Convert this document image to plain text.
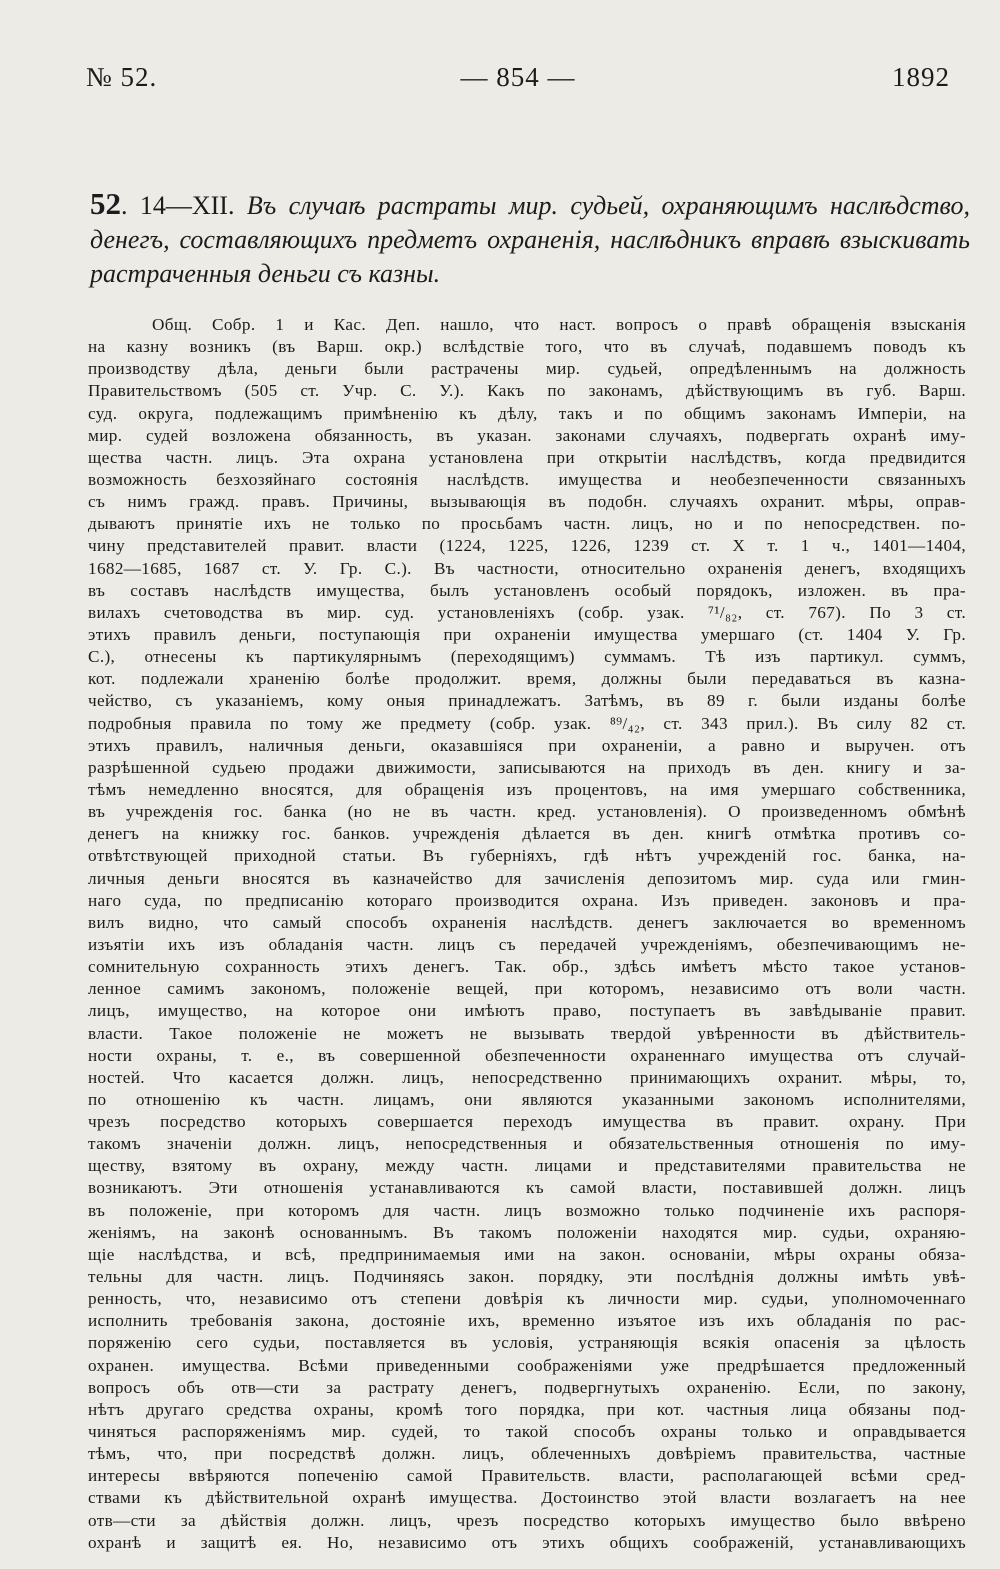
№ 52.	— 854 —	1892
52. 14—XII. Въ случаѣ растраты мир. судьей, охраняющимъ наслѣдство, денегъ, составляющихъ предметъ охраненія, наслѣдникъ вправѣ взыскивать растраченныя деньги съ казны.
Общ. Собр. 1 и Кас. Деп. нашло, что наст. вопросъ о правѣ обращенія взысканія
на казну возникъ (въ Варш. окр.) вслѣдствіе того, что въ случаѣ, подавшемъ поводъ къ
производству дѣла, деньги были растрачены мир. судьей, опредѣленнымъ на должность
Правительствомъ (505 ст. Учр. С. У.). Какъ по законамъ, дѣйствующимъ въ губ. Варш.
суд. округа, подлежащимъ примѣненію къ дѣлу, такъ и по общимъ законамъ Имперіи, на
мир. судей возложена обязанность, въ указан. законами случаяхъ, подвергать охранѣ иму-
щества частн. лицъ. Эта охрана установлена при открытіи наслѣдствъ, когда предвидится
возможность безхозяйнаго состоянія наслѣдств. имущества и необезпеченности связанныхъ
съ нимъ гражд. правъ. Причины, вызывающія въ подобн. случаяхъ охранит. мѣры, оправ-
дываютъ принятіе ихъ не только по просьбамъ частн. лицъ, но и по непосредствен. по-
чину представителей правит. власти (1224, 1225, 1226, 1239 ст. X т. 1 ч., 1401—1404,
1682—1685, 1687 ст. У. Гр. С.). Въ частности, относительно охраненія денегъ, входящихъ
въ составъ наслѣдств имущества, былъ установленъ особый порядокъ, изложен. въ пра-
вилахъ счетоводства въ мир. суд. установленіяхъ (собр. узак. ⁷¹/₈₂, ст. 767). По 3 ст.
этихъ правилъ деньги, поступающія при охраненіи имущества умершаго (ст. 1404 У. Гр.
С.), отнесены къ партикулярнымъ (переходящимъ) суммамъ. Тѣ изъ партикул. суммъ,
кот. подлежали храненію болѣе продолжит. время, должны были передаваться въ казна-
чейство, съ указаніемъ, кому оныя принадлежатъ. Затѣмъ, въ 89 г. были изданы болѣе
подробныя правила по тому же предмету (собр. узак. ⁸⁹/₄₂, ст. 343 прил.). Въ силу 82 ст.
этихъ правилъ, наличныя деньги, оказавшіяся при охраненіи, а равно и выручен. отъ
разрѣшенной судьею продажи движимости, записываются на приходъ въ ден. книгу и за-
тѣмъ немедленно вносятся, для обращенія изъ процентовъ, на имя умершаго собственника,
въ учрежденія гос. банка (но не въ частн. кред. установленія). О произведенномъ обмѣнѣ
денегъ на книжку гос. банков. учрежденія дѣлается въ ден. книгѣ отмѣтка противъ со-
отвѣтствующей приходной статьи. Въ губерніяхъ, гдѣ нѣтъ учрежденій гос. банка, на-
личныя деньги вносятся въ казначейство для зачисленія депозитомъ мир. суда или гмин-
наго суда, по предписанію котораго производится охрана. Изъ приведен. законовъ и пра-
вилъ видно, что самый способъ охраненія наслѣдств. денегъ заключается во временномъ
изъятіи ихъ изъ обладанія частн. лицъ съ передачей учрежденіямъ, обезпечивающимъ не-
сомнительную сохранность этихъ денегъ. Так. обр., здѣсь имѣетъ мѣсто такое установ-
ленное самимъ закономъ, положеніе вещей, при которомъ, независимо отъ воли частн.
лицъ, имущество, на которое они имѣютъ право, поступаетъ въ завѣдываніе правит.
власти. Такое положеніе не можетъ не вызывать твердой увѣренности въ дѣйствитель-
ности охраны, т. е., въ совершенной обезпеченности охраненнаго имущества отъ случай-
ностей. Что касается должн. лицъ, непосредственно принимающихъ охранит. мѣры, то,
по отношенію къ частн. лицамъ, они являются указанными закономъ исполнителями,
чрезъ посредство которыхъ совершается переходъ имущества въ правит. охрану. При
такомъ значеніи должн. лицъ, непосредственныя и обязательственныя отношенія по иму-
ществу, взятому въ охрану, между частн. лицами и представителями правительства не
возникаютъ. Эти отношенія устанавливаются къ самой власти, поставившей должн. лицъ
въ положеніе, при которомъ для частн. лицъ возможно только подчиненіе ихъ распоря-
женіямъ, на законѣ основаннымъ. Въ такомъ положеніи находятся мир. судьи, охраняю-
щіе наслѣдства, и всѣ, предпринимаемыя ими на закон. основаніи, мѣры охраны обяза-
тельны для частн. лицъ. Подчиняясь закон. порядку, эти послѣднія должны имѣть увѣ-
ренность, что, независимо отъ степени довѣрія къ личности мир. судьи, уполномоченнаго
исполнить требованія закона, достояніе ихъ, временно изъятое изъ ихъ обладанія по рас-
поряженію сего судьи, поставляется въ условія, устраняющія всякія опасенія за цѣлость
охранен. имущества. Всѣми приведенными соображеніями уже предрѣшается предложенный
вопросъ объ отв—сти за растрату денегъ, подвергнутыхъ охраненію. Если, по закону,
нѣтъ другаго средства охраны, кромѣ того порядка, при кот. частныя лица обязаны под-
чиняться распоряженіямъ мир. судей, то такой способъ охраны только и оправдывается
тѣмъ, что, при посредствѣ должн. лицъ, облеченныхъ довѣріемъ правительства, частные
интересы ввѣряются попеченію самой Правительств. власти, располагающей всѣми сред-
ствами къ дѣйствительной охранѣ имущества. Достоинство этой власти возлагаетъ на нее
отв—сти за дѣйствія должн. лицъ, чрезъ посредство которыхъ имущество было ввѣрено
охранѣ и защитѣ ея. Но, независимо отъ этихъ общихъ соображеній, устанавливающихъ
